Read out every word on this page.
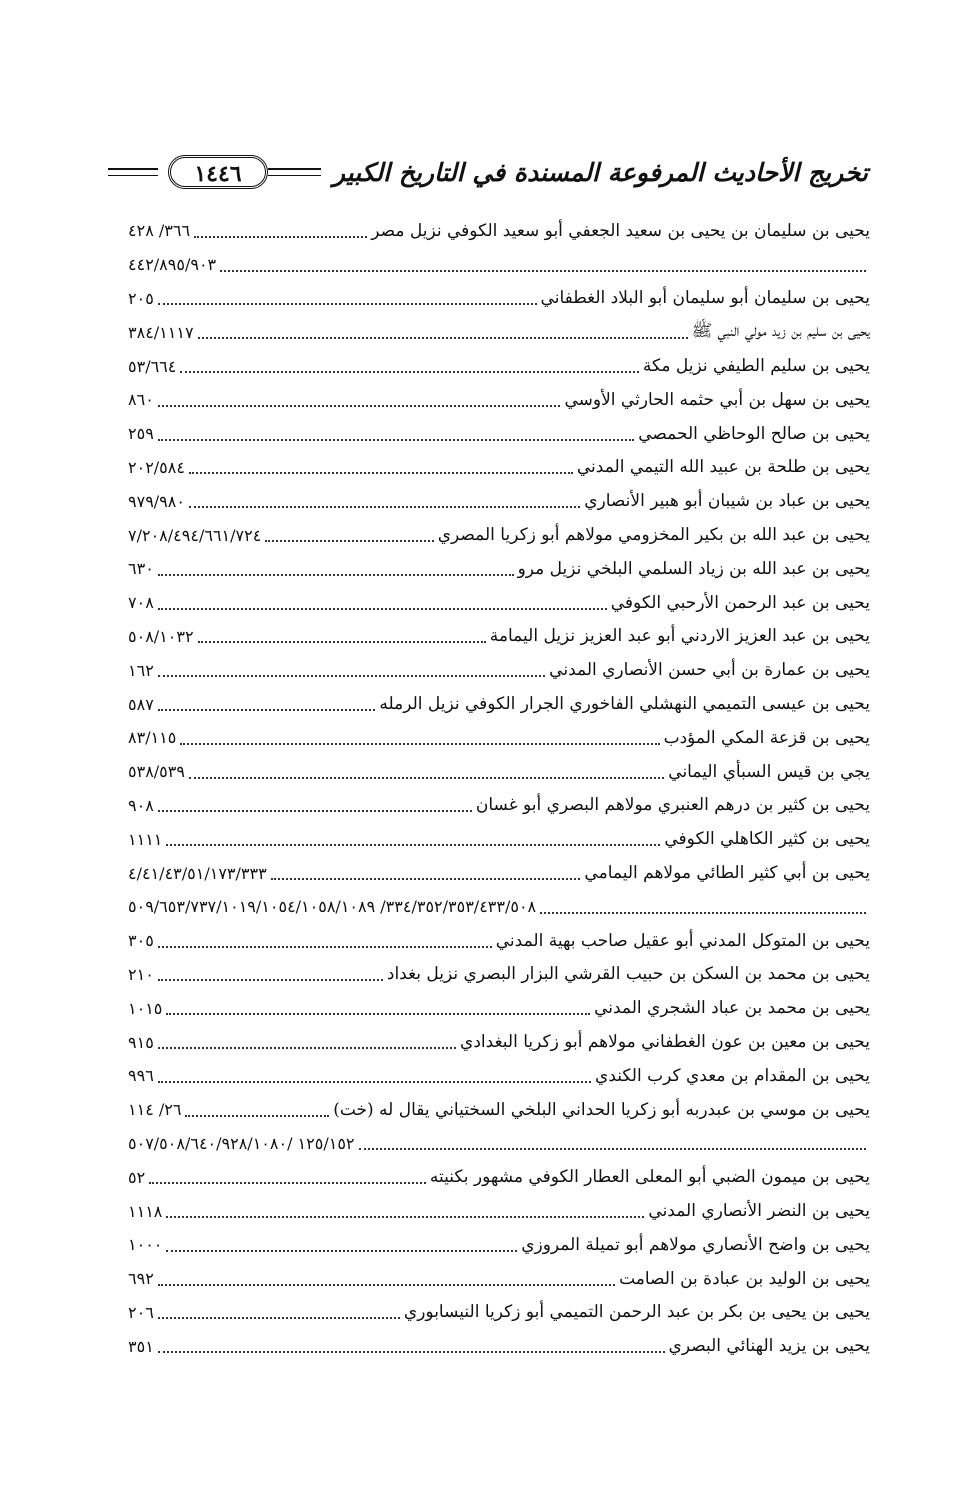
تخريج الأحاديث المرفوعة المسندة في التاريخ الكبير
١٤٤٦
يحيى بن سليمان بن يحيى بن سعيد الجعفي أبو سعيد الكوفي نزيل مصر
٣٦٦/ ٤٢٨
٤٤٢/٨٩٥/٩٠٣
يحيى بن سليمان أبو سليمان أبو البلاد الغطفاني
٢٠٥
يحيى بن سليم بن زيد مولي النبي ﷺ
٣٨٤/١١١٧
يحيى بن سليم الطيفي نزيل مكة
٥٣/٦٦٤
يحيى بن سهل بن أبي حثمه الحارثي الأوسي
٨٦٠
يحيى بن صالح الوحاظي الحمصي
٢٥٩
يحيى بن طلحة بن عبيد الله التيمي المدني
٢٠٢/٥٨٤
يحيى بن عباد بن شيبان أبو هبير الأنصاري
٩٧٩/٩٨٠
يحيى بن عبد الله بن بكير المخزومي مولاهم أبو زكريا المصري
٧/٢٠٨/٤٩٤/٦٦١/٧٢٤
يحيى بن عبد الله بن زياد السلمي البلخي نزيل مرو
٦٣٠
يحيى بن عبد الرحمن الأرحبي الكوفي
٧٠٨
يحيى بن عبد العزيز الاردني أبو عبد العزيز نزيل اليمامة
٥٠٨/١٠٣٢
يحيى بن عمارة بن أبي حسن الأنصاري المدني
١٦٢
يحيى بن عيسى التميمي النهشلي الفاخوري الجرار الكوفي نزيل الرمله
٥٨٧
يحيى بن قزعة المكي المؤدب
٨٣/١١٥
يجي بن قيس السبأي اليماني
٥٣٨/٥٣٩
يحيى بن كثير بن درهم العنبري مولاهم البصري أبو غسان
٩٠٨
يحيى بن كثير الكاهلي الكوفي
١١١١
يحيى بن أبي كثير الطائي مولاهم اليمامي
٤/٤١/٤٣/٥١/١٧٣/٣٣٣
٣٣٤/٣٥٢/٣٥٣/٤٣٣/٥٠٨/ ٥٠٩/٦٥٣/٧٣٧/١٠١٩/١٠٥٤/١٠٥٨/١٠٨٩
يحيى بن المتوكل المدني أبو عقيل صاحب بهية المدني
٣٠٥
يحيى بن محمد بن السكن بن حبيب القرشي البزار البصري نزيل بغداد
٢١٠
يحيى بن محمد بن عباد الشجري المدني
١٠١٥
يحيى بن معين بن عون الغطفاني مولاهم أبو زكريا البغدادي
٩١٥
يحيى بن المقدام بن معدي كرب الكندي
٩٩٦
يحيى بن موسي بن عبدربه أبو زكريا الحداني البلخي السختياني يقال له (خت)
٢٦/ ١١٤
١٢٥/١٥٢ /٥٠٧/٥٠٨/٦٤٠/٩٢٨/١٠٨٠
يحيى بن ميمون الضبي أبو المعلى العطار الكوفي مشهور بكنيته
٥٢
يحيى بن النضر الأنصاري المدني
١١١٨
يحيى بن واضح الأنصاري مولاهم أبو تميلة المروزي
١٠٠٠
يحيى بن الوليد بن عبادة بن الصامت
٦٩٢
يحيى بن يحيى بن بكر بن عبد الرحمن التميمي أبو زكريا النيسابوري
٢٠٦
يحيى بن يزيد الهنائي البصري
٣٥١
